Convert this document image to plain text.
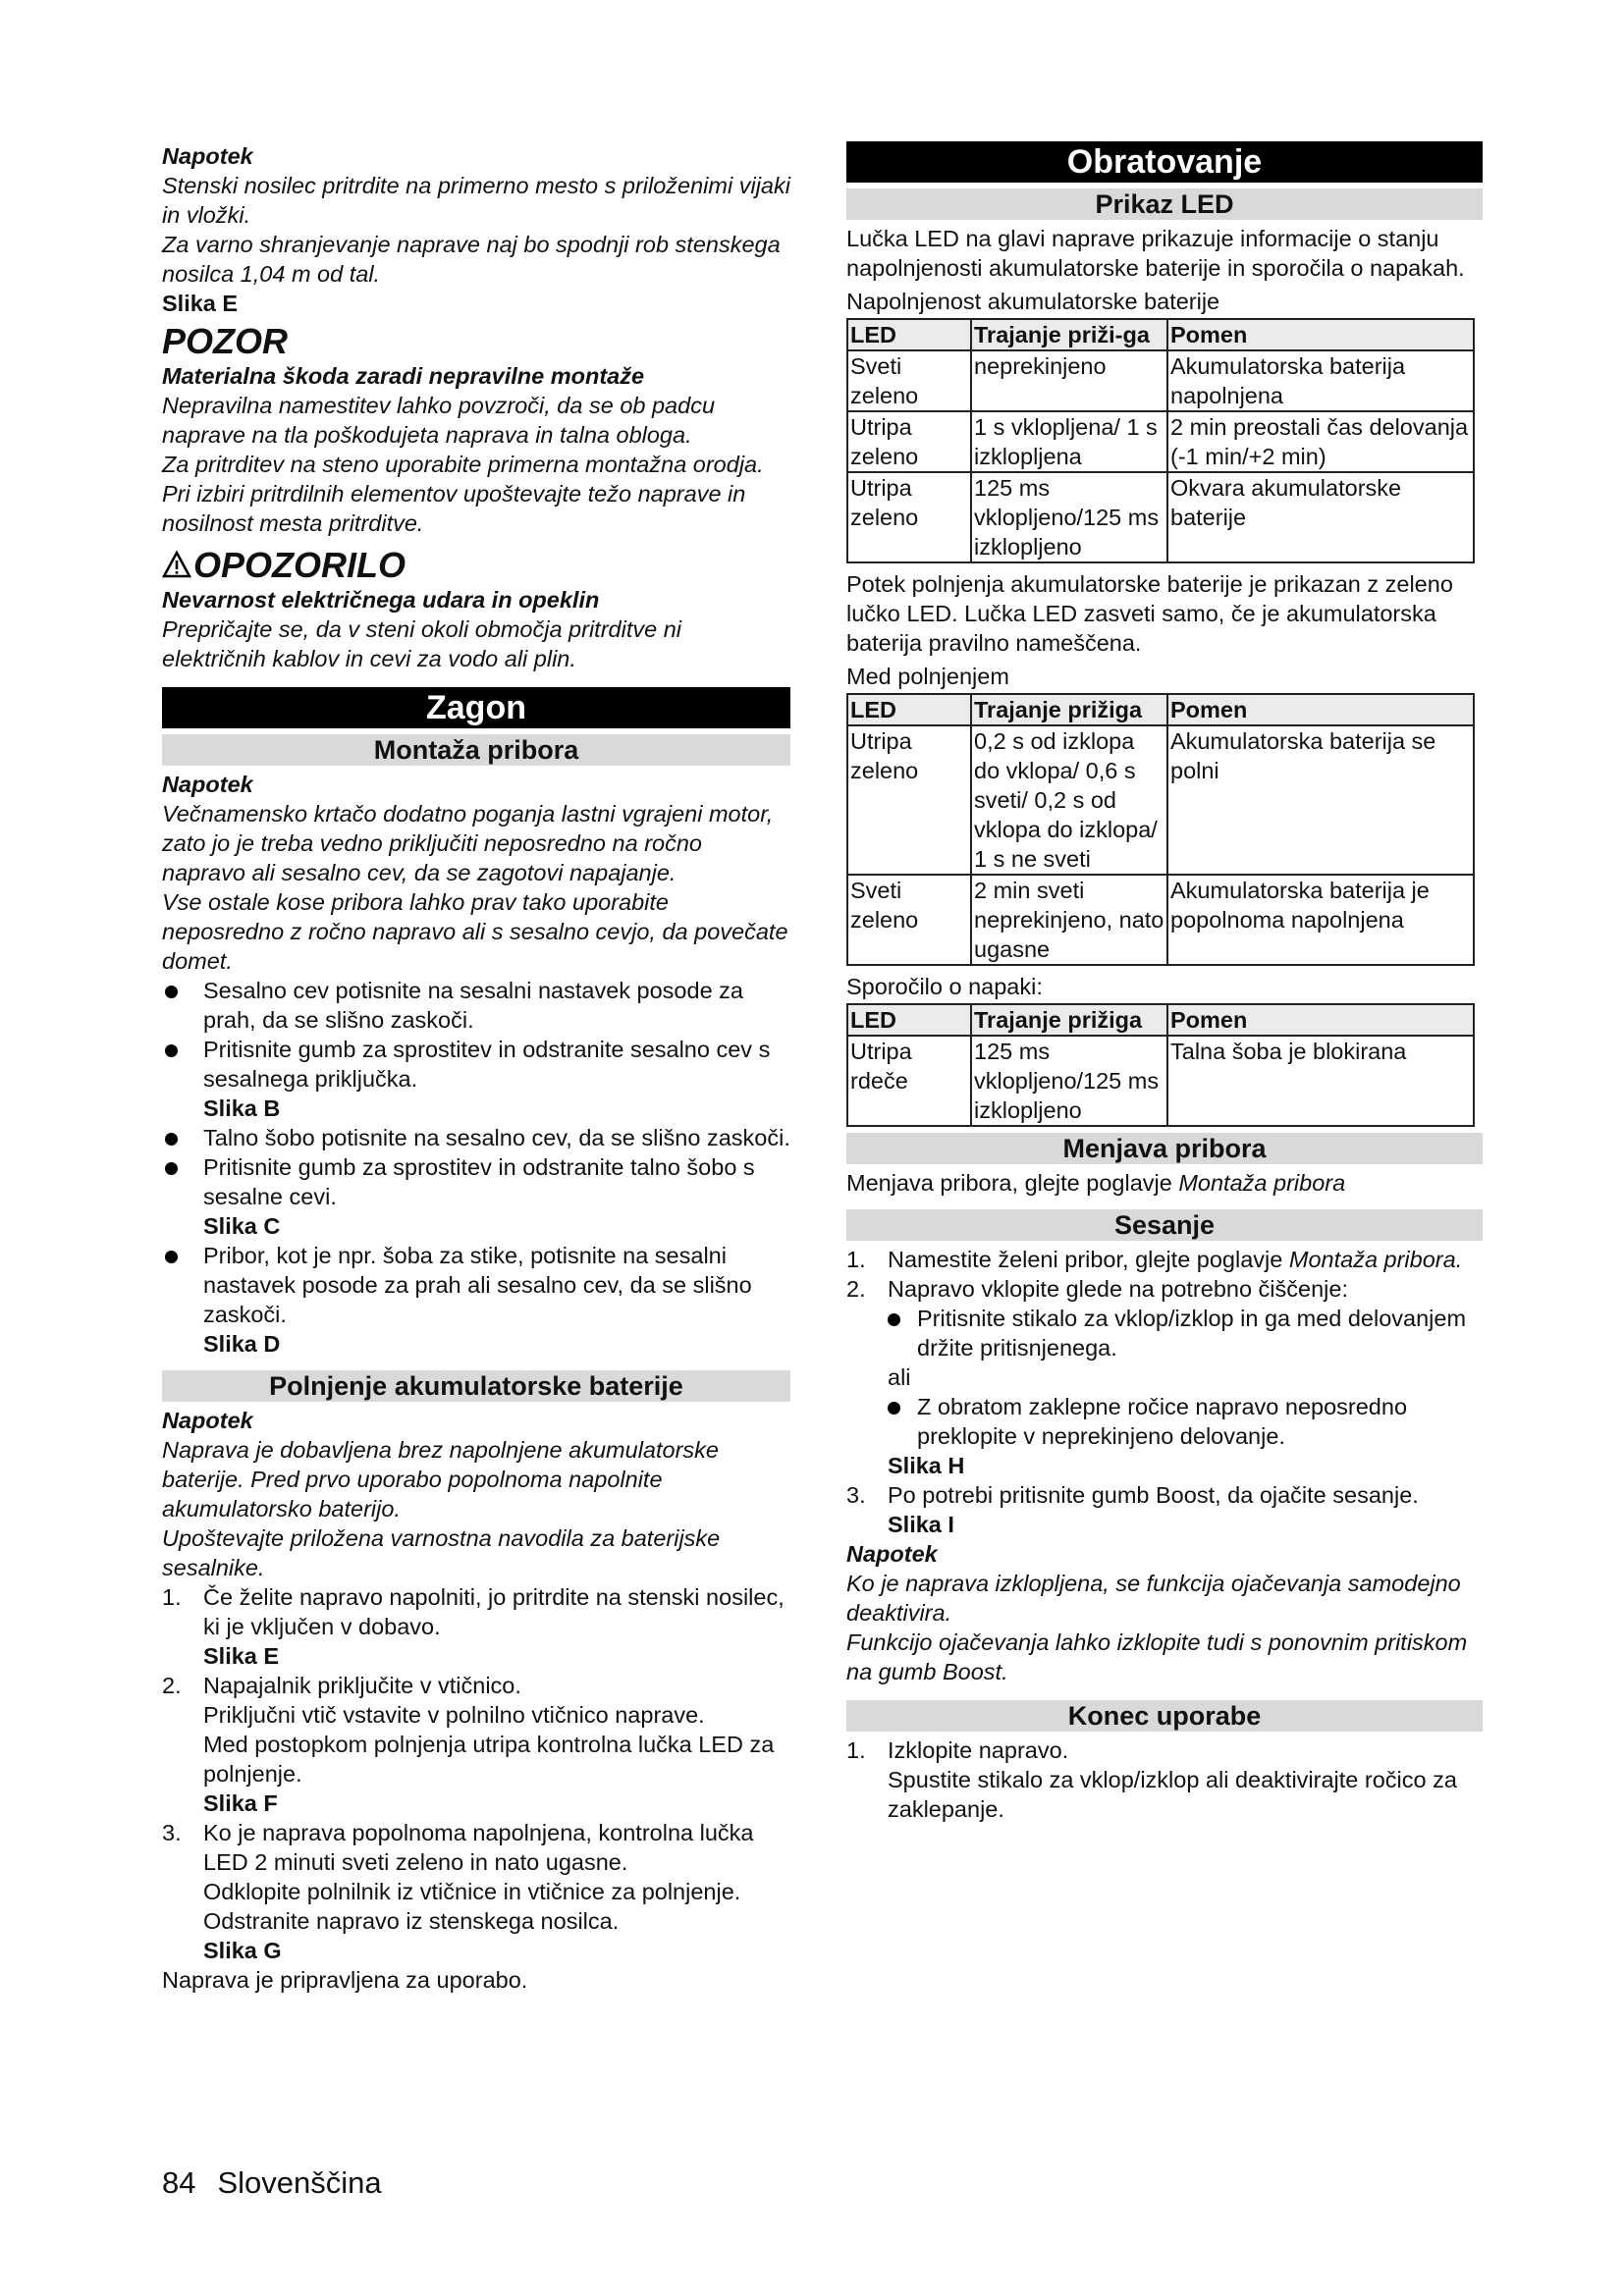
Napotek

Stenski nosilec pritrdite na primerno mesto s priloženimi vijaki in vložki.

Za varno shranjevanje naprave naj bo spodnji rob stenskega nosilca 1,04 m od tal.

Slika E

POZOR

Materialna škoda zaradi nepravilne montaže

Nepravilna namestitev lahko povzroči, da se ob padcu naprave na tla poškodujeta naprava in talna obloga.

Za pritrditev na steno uporabite primerna montažna orodja.

Pri izbiri pritrdilnih elementov upoštevajte težo naprave in nosilnost mesta pritrditve.

OPOZORILO

Nevarnost električnega udara in opeklin

Prepričajte se, da v steni okoli območja pritrditve ni električnih kablov in cevi za vodo ali plin.

Zagon
Montaža pribora

Napotek

Večnamensko krtačo dodatno poganja lastni vgrajeni motor, zato jo je treba vedno priključiti neposredno na ročno napravo ali sesalno cev, da se zagotovi napajanje.

Vse ostale kose pribora lahko prav tako uporabite neposredno z ročno napravo ali s sesalno cevjo, da povečate domet.

Sesalno cev potisnite na sesalni nastavek posode za prah, da se slišno zaskoči.

Pritisnite gumb za sprostitev in odstranite sesalno cev s sesalnega priključka.

Slika B

Talno šobo potisnite na sesalno cev, da se slišno zaskoči.

Pritisnite gumb za sprostitev in odstranite talno šobo s sesalne cevi.

Slika C

Pribor, kot je npr. šoba za stike, potisnite na sesalni nastavek posode za prah ali sesalno cev, da se slišno zaskoči.

Slika D

Polnjenje akumulatorske baterije

Napotek

Naprava je dobavljena brez napolnjene akumulatorske baterije. Pred prvo uporabo popolnoma napolnite akumulatorsko baterijo.

Upoštevajte priložena varnostna navodila za baterijske sesalnike.

1. Če želite napravo napolniti, jo pritrdite na stenski nosilec, ki je vključen v dobavo.

Slika E

2. Napajalnik priključite v vtičnico.

Priključni vtič vstavite v polnilno vtičnico naprave.

Med postopkom polnjenja utripa kontrolna lučka LED za polnjenje.

Slika F

3. Ko je naprava popolnoma napolnjena, kontrolna lučka LED 2 minuti sveti zeleno in nato ugasne.

Odklopite polnilnik iz vtičnice in vtičnice za polnjenje.

Odstranite napravo iz stenskega nosilca.

Slika G

Naprava je pripravljena za uporabo.

Obratovanje
Prikaz LED

Lučka LED na glavi naprave prikazuje informacije o stanju napolnjenosti akumulatorske baterije in sporočila o napakah.

Napolnjenost akumulatorske baterije

LED	Trajanje priži-ga	Pomen
Sveti zeleno	neprekinjeno	Akumulatorska baterija napolnjena
Utripa zeleno	1 s vklopljena/ 1 s izklopljena	2 min preostali čas delovanja (-1 min/+2 min)
Utripa zeleno	125 ms vklopljeno/125 ms izklopljeno	Okvara akumulatorske baterije

Potek polnjenja akumulatorske baterije je prikazan z zeleno lučko LED. Lučka LED zasveti samo, če je akumulatorska baterija pravilno nameščena.

Med polnjenjem

LED	Trajanje prižiga	Pomen
Utripa zeleno	0,2 s od izklopa do vklopa/ 0,6 s sveti/ 0,2 s od vklopa do izklopa/ 1 s ne sveti	Akumulatorska baterija se polni
Sveti zeleno	2 min sveti neprekinjeno, nato ugasne	Akumulatorska baterija je popolnoma napolnjena

Sporočilo o napaki:

LED	Trajanje prižiga	Pomen
Utripa rdeče	125 ms vklopljeno/125 ms izklopljeno	Talna šoba je blokirana
Menjava pribora

Menjava pribora, glejte poglavje Montaža pribora

Sesanje

1. Namestite želeni pribor, glejte poglavje Montaža pribora.

2. Napravo vklopite glede na potrebno čiščenje:

Pritisnite stikalo za vklop/izklop in ga med delovanjem držite pritisnjenega.

ali

Z obratom zaklepne ročice napravo neposredno preklopite v neprekinjeno delovanje.

Slika H

3. Po potrebi pritisnite gumb Boost, da ojačite sesanje.

Slika I

Napotek

Ko je naprava izklopljena, se funkcija ojačevanja samodejno deaktivira.

Funkcijo ojačevanja lahko izklopite tudi s ponovnim pritiskom na gumb Boost.

Konec uporabe

1. Izklopite napravo.

Spustite stikalo za vklop/izklop ali deaktivirajte ročico za zaklepanje.

84 Slovenščina
